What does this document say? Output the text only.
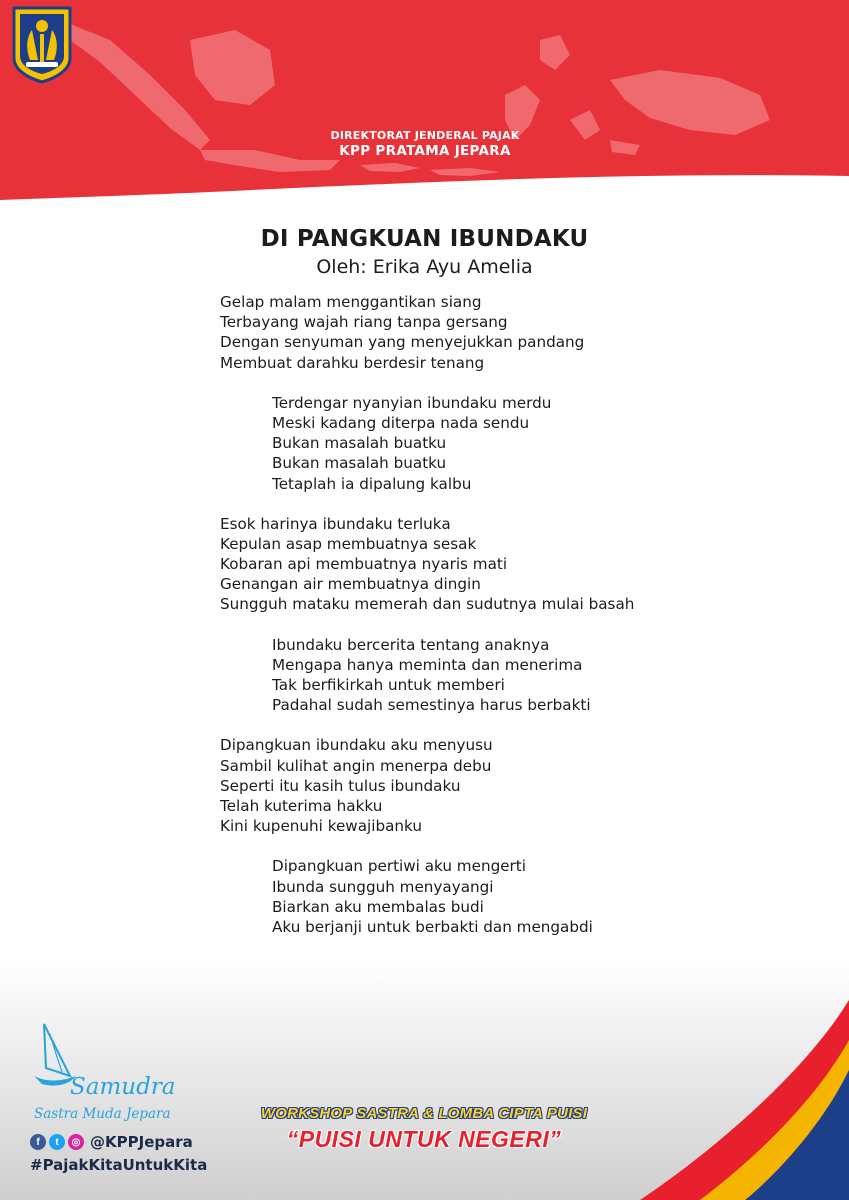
DIREKTORAT JENDERAL PAJAK
KPP PRATAMA JEPARA
DI PANGKUAN IBUNDAKU
Oleh: Erika Ayu Amelia
Gelap malam menggantikan siang
Terbayang wajah riang tanpa gersang
Dengan senyuman yang menyejukkan pandang
Membuat darahku berdesir tenang
Terdengar nyanyian ibundaku merdu
Meski kadang diterpa nada sendu
Bukan masalah buatku
Bukan masalah buatku
Tetaplah ia dipalung kalbu
Esok harinya ibundaku terluka
Kepulan asap membuatnya sesak
Kobaran api membuatnya nyaris mati
Genangan air membuatnya dingin
Sungguh mataku memerah dan sudutnya mulai basah
Ibundaku bercerita tentang anaknya
Mengapa hanya meminta dan menerima
Tak berfikirkah untuk memberi
Padahal sudah semestinya harus berbakti
Dipangkuan ibundaku aku menyusu
Sambil kulihat angin menerpa debu
Seperti itu kasih tulus ibundaku
Telah kuterima hakku
Kini kupenuhi kewajibanku
Dipangkuan pertiwi aku mengerti
Ibunda sungguh menyayangi
Biarkan aku membalas budi
Aku berjanji untuk berbakti dan mengabdi
Samudra
Sastra Muda Jepara
f	t	◎ @KPPJepara
#PajakKitaUntukKita
WORKSHOP SASTRA & LOMBA CIPTA PUISI
“PUISI UNTUK NEGERI”
